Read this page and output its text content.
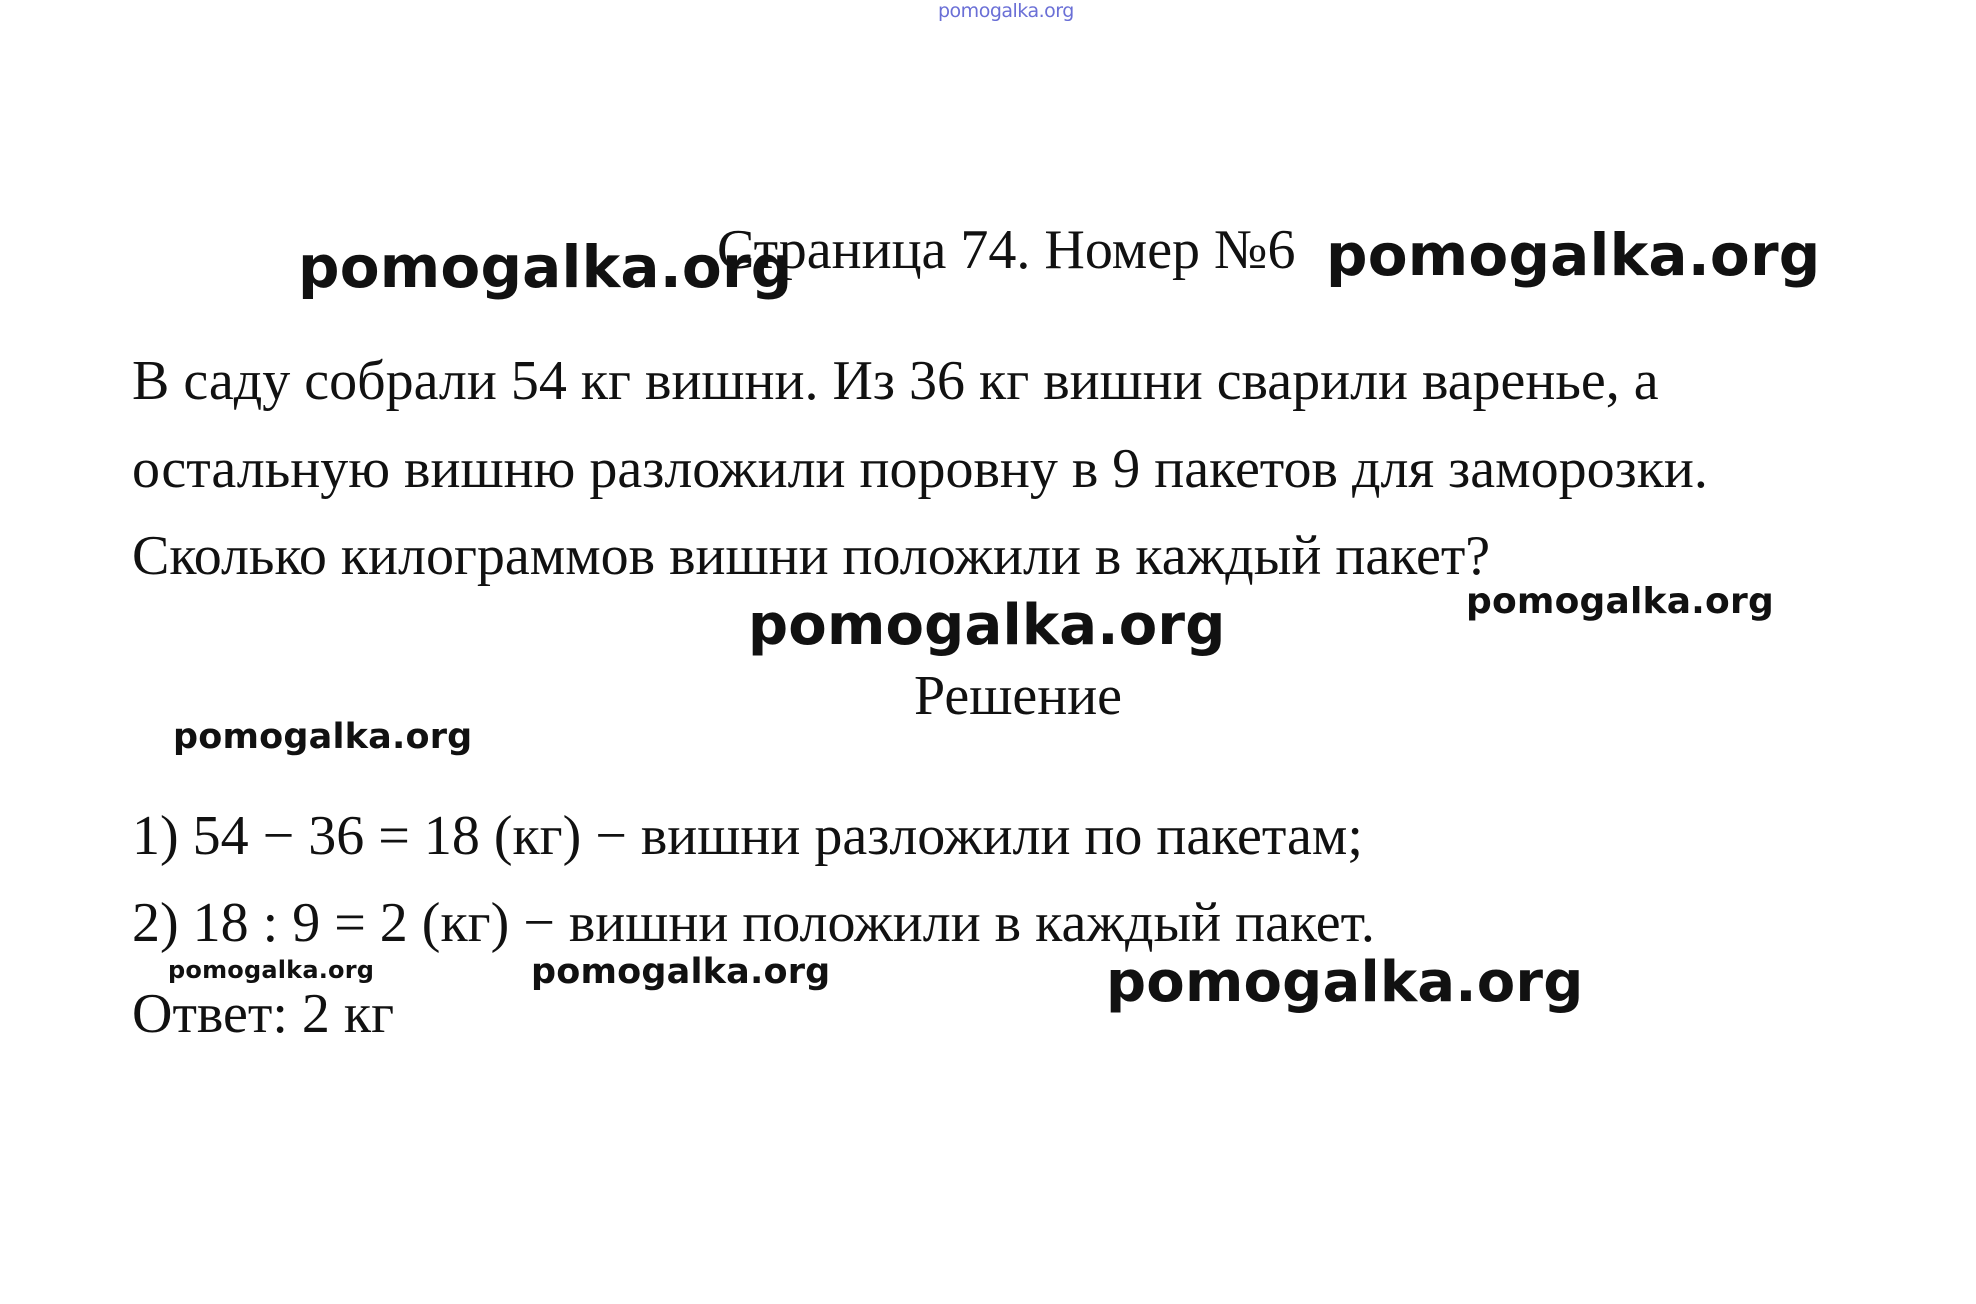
pomogalka.org
pomogalka.org	pomogalka.org
pomogalka.org
pomogalka.org
pomogalka.org
pomogalka.org	pomogalka.org	pomogalka.org
Страница 74. Номер №6
В саду собрали 54 кг вишни. Из 36 кг вишни сварили варенье, а
остальную вишню разложили поровну в 9 пакетов для заморозки.
Сколько килограммов вишни положили в каждый пакет?
Решение
1) 54 − 36 = 18 (кг) − вишни разложили по пакетам;
2) 18 : 9 = 2 (кг) − вишни положили в каждый пакет.
Ответ: 2 кг
